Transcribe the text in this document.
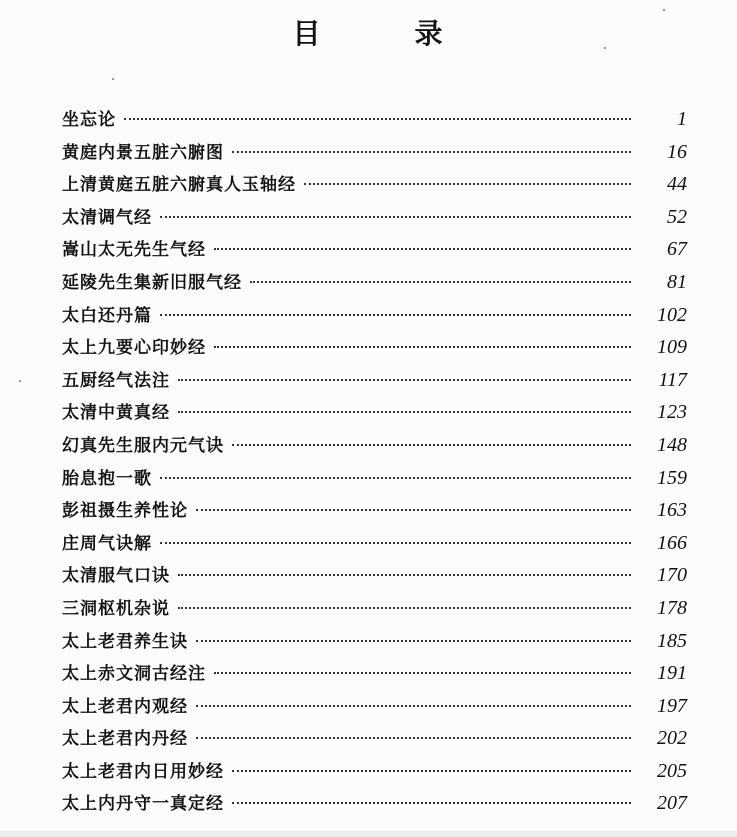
目	录
坐忘论	1
黄庭内景五脏六腑图	16
上清黄庭五脏六腑真人玉轴经	44
太清调气经	52
嵩山太无先生气经	67
延陵先生集新旧服气经	81
太白还丹篇	102
太上九要心印妙经	109
五厨经气法注	117
太清中黄真经	123
幻真先生服内元气诀	148
胎息抱一歌	159
彭祖摄生养性论	163
庄周气诀解	166
太清服气口诀	170
三洞枢机杂说	178
太上老君养生诀	185
太上赤文洞古经注	191
太上老君内观经	197
太上老君内丹经	202
太上老君内日用妙经	205
太上内丹守一真定经	207
